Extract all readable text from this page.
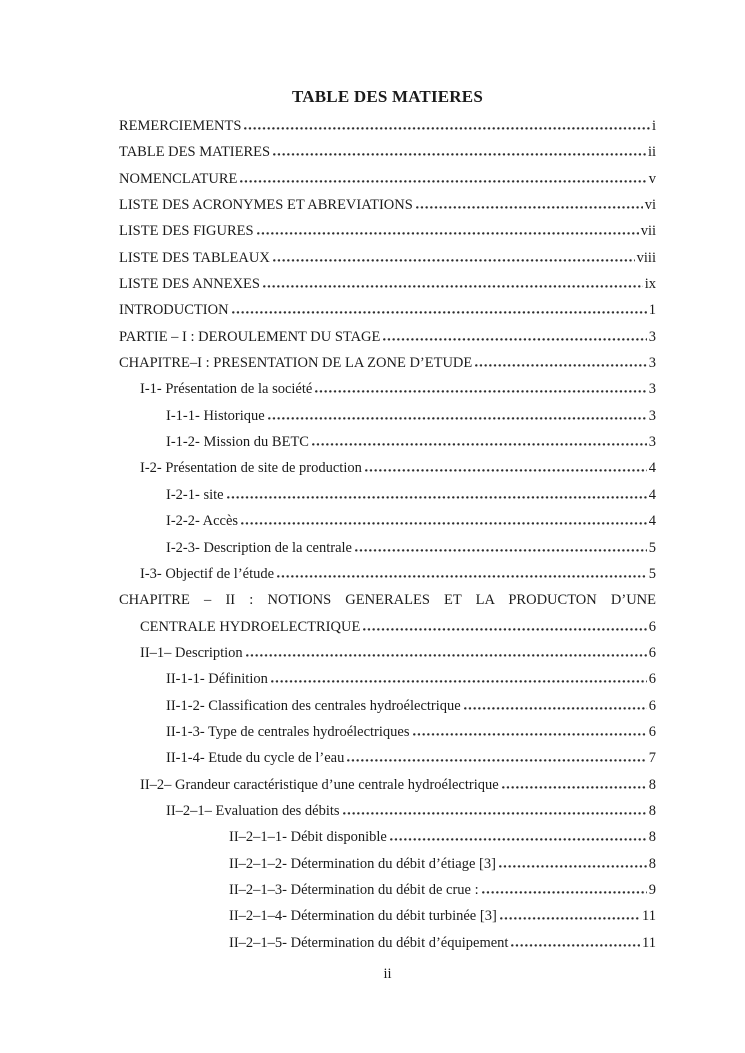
TABLE DES MATIERES
REMERCIEMENTS	i
TABLE DES MATIERES	ii
NOMENCLATURE	v
LISTE DES ACRONYMES ET ABREVIATIONS	vi
LISTE DES FIGURES	vii
LISTE DES TABLEAUX	viii
LISTE DES ANNEXES	ix
INTRODUCTION	1
PARTIE – I : DEROULEMENT DU STAGE	3
CHAPITRE–I : PRESENTATION DE LA ZONE D’ETUDE	3
I-1- Présentation de la société	3
I-1-1- Historique	3
I-1-2- Mission du BETC	3
I-2- Présentation de site de production	4
I-2-1- site	4
I-2-2- Accès	4
I-2-3- Description de la centrale	5
I-3- Objectif de l’étude	5
CHAPITRE – II : NOTIONS GENERALES ET LA PRODUCTON D’UNE
CENTRALE HYDROELECTRIQUE	6
II–1– Description	6
II-1-1- Définition	6
II-1-2- Classification des centrales hydroélectrique	6
II-1-3- Type de centrales hydroélectriques	6
II-1-4- Etude du cycle de l’eau	7
II–2– Grandeur caractéristique d’une centrale hydroélectrique	8
II–2–1– Evaluation des débits	8
II–2–1–1- Débit disponible	8
II–2–1–2- Détermination du débit d’étiage [3]	8
II–2–1–3- Détermination du débit de crue :	9
II–2–1–4- Détermination du débit turbinée [3]	11
II–2–1–5- Détermination du débit d’équipement	11
ii
